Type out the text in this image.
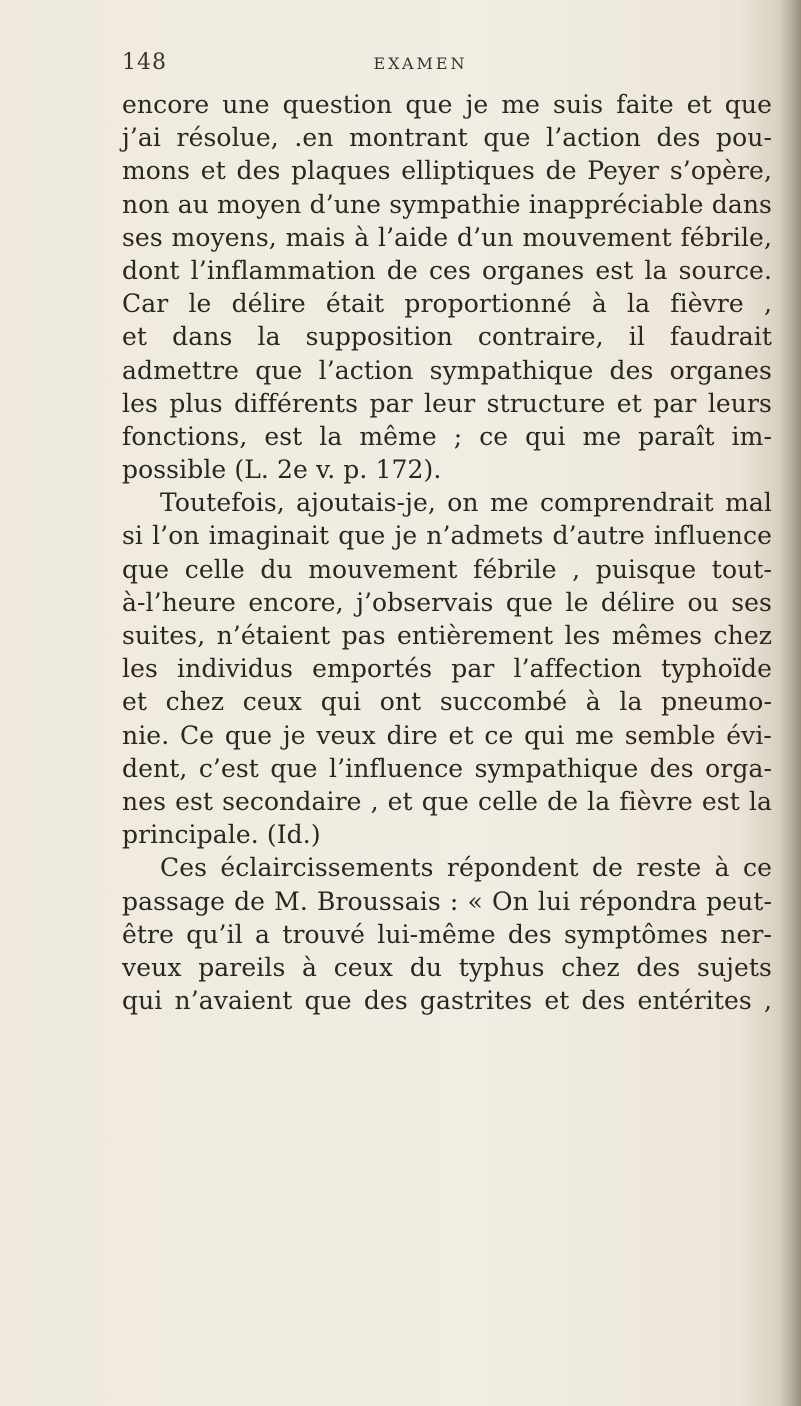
148	EXAMEN
encore une question que je me suis faite et que
j’ai résolue, .en montrant que l’action des pou-
mons et des plaques elliptiques de Peyer s’opère,
non au moyen d’une sympathie inappréciable dans
ses moyens, mais à l’aide d’un mouvement fébrile,
dont l’inflammation de ces organes est la source.
Car le délire était proportionné à la fièvre ,
et dans la supposition contraire, il faudrait
admettre que l’action sympathique des organes
les plus différents par leur structure et par leurs
fonctions, est la même ; ce qui me paraît im-
possible (L. 2e v. p. 172).
Toutefois, ajoutais-je, on me comprendrait mal
si l’on imaginait que je n’admets d’autre influence
que celle du mouvement fébrile , puisque tout-
à-l’heure encore, j’observais que le délire ou ses
suites, n’étaient pas entièrement les mêmes chez
les individus emportés par l’affection typhoïde
et chez ceux qui ont succombé à la pneumo-
nie. Ce que je veux dire et ce qui me semble évi-
dent, c’est que l’influence sympathique des orga-
nes est secondaire , et que celle de la fièvre est la
principale. (Id.)
Ces éclaircissements répondent de reste à ce
passage de M. Broussais : « On lui répondra peut-
être qu’il a trouvé lui-même des symptômes ner-
veux pareils à ceux du typhus chez des sujets
qui n’avaient que des gastrites et des entérites ,
